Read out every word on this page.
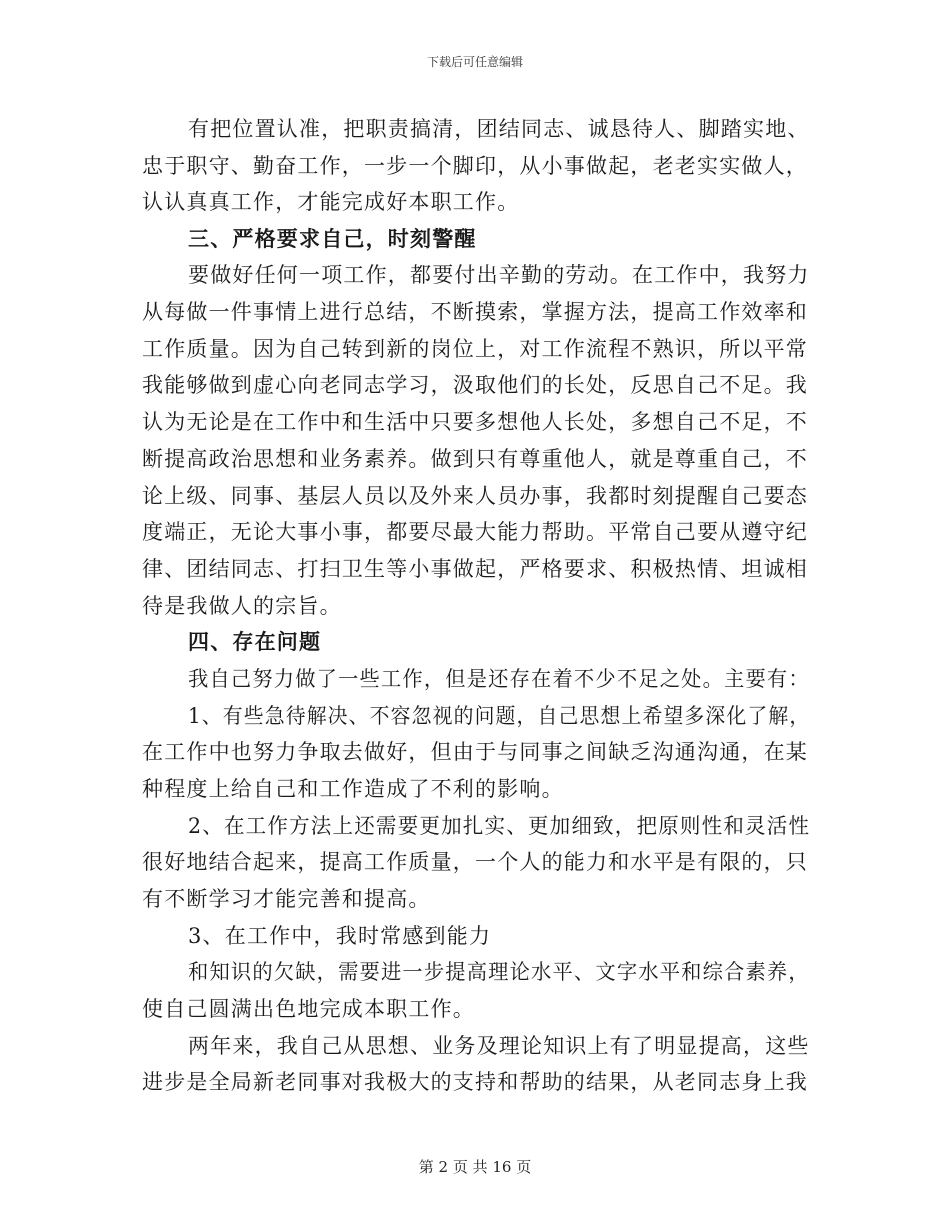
下载后可任意编辑
有把位置认准，把职责搞清，团结同志、诚恳待人、脚踏实地、
忠于职守、勤奋工作，一步一个脚印，从小事做起，老老实实做人，
认认真真工作，才能完成好本职工作。
三、严格要求自己，时刻警醒
要做好任何一项工作，都要付出辛勤的劳动。在工作中，我努力
从每做一件事情上进行总结，不断摸索，掌握方法，提高工作效率和
工作质量。因为自己转到新的岗位上，对工作流程不熟识，所以平常
我能够做到虚心向老同志学习，汲取他们的长处，反思自己不足。我
认为无论是在工作中和生活中只要多想他人长处，多想自己不足，不
断提高政治思想和业务素养。做到只有尊重他人，就是尊重自己，不
论上级、同事、基层人员以及外来人员办事，我都时刻提醒自己要态
度端正，无论大事小事，都要尽最大能力帮助。平常自己要从遵守纪
律、团结同志、打扫卫生等小事做起，严格要求、积极热情、坦诚相
待是我做人的宗旨。
四、存在问题
我自己努力做了一些工作，但是还存在着不少不足之处。主要有：
1、有些急待解决、不容忽视的问题，自己思想上希望多深化了解，
在工作中也努力争取去做好，但由于与同事之间缺乏沟通沟通，在某
种程度上给自己和工作造成了不利的影响。
2、在工作方法上还需要更加扎实、更加细致，把原则性和灵活性
很好地结合起来，提高工作质量，一个人的能力和水平是有限的，只
有不断学习才能完善和提高。
3、在工作中，我时常感到能力
和知识的欠缺，需要进一步提高理论水平、文字水平和综合素养，
使自己圆满出色地完成本职工作。
两年来，我自己从思想、业务及理论知识上有了明显提高，这些
进步是全局新老同事对我极大的支持和帮助的结果，从老同志身上我
第 2 页 共 16 页
